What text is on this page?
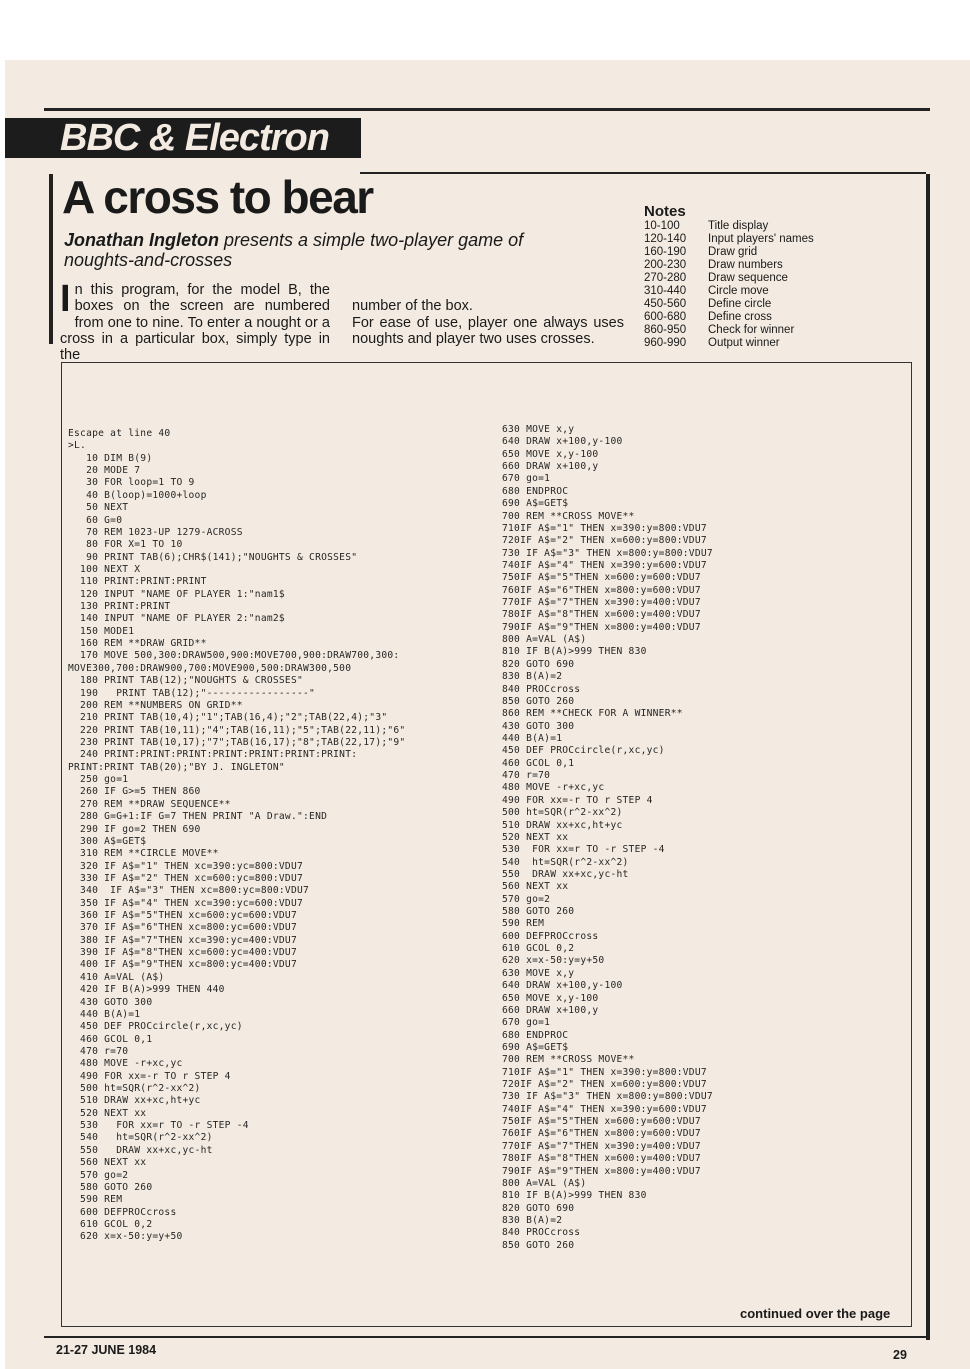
BBC & Electron
A cross to bear
Jonathan Ingleton presents a simple two-player game of noughts-and-crosses
In this program, for the model B, the boxes on the screen are numbered from one to nine. To enter a nought or a cross in a particular box, simply type in the

number of the box.
For ease of use, player one always uses noughts and player two uses crosses.

Notes
10-100 Title display
120-140 Input players' names
160-190 Draw grid
200-230 Draw numbers
270-280 Draw sequence
310-440 Circle move
450-560 Define circle
600-680 Define cross
860-950 Check for winner
960-990 Output winner
Escape at line 40
>L.
10 DIM B(9)
20 MODE 7
30 FOR loop=1 TO 9
40 B(loop)=1000+loop
50 NEXT
60 G=0
70 REM 1023-UP 1279-ACROSS
80 FOR X=1 TO 10
90 PRINT TAB(6);CHR$(141);"NOUGHTS & CROSSES"
100 NEXT X
110 PRINT:PRINT:PRINT
120 INPUT "NAME OF PLAYER 1:"nam1$
130 PRINT:PRINT
140 INPUT "NAME OF PLAYER 2:"nam2$
150 MODE1
160 REM **DRAW GRID**
170 MOVE 500,300:DRAW500,900:MOVE700,900:DRAW700,300:
MOVE300,700:DRAW900,700:MOVE900,500:DRAW300,500
180 PRINT TAB(12);"NOUGHTS & CROSSES"
190   PRINT TAB(12);"-----------------"
200 REM **NUMBERS ON GRID**
210 PRINT TAB(10,4);"1";TAB(16,4);"2";TAB(22,4);"3"
220 PRINT TAB(10,11);"4";TAB(16,11);"5";TAB(22,11);"6"
230 PRINT TAB(10,17);"7";TAB(16,17);"8";TAB(22,17);"9"
240 PRINT:PRINT:PRINT:PRINT:PRINT:PRINT:PRINT:
PRINT:PRINT TAB(20);"BY J. INGLETON"
250 go=1
260 IF G>=5 THEN 860
270 REM **DRAW SEQUENCE**
280 G=G+1:IF G=7 THEN PRINT "A Draw.":END
290 IF go=2 THEN 690
300 A$=GET$
310 REM **CIRCLE MOVE**
320 IF A$="1" THEN xc=390:yc=800:VDU7
330 IF A$="2" THEN xc=600:yc=800:VDU7
340  IF A$="3" THEN xc=800:yc=800:VDU7
350 IF A$="4" THEN xc=390:yc=600:VDU7
360 IF A$="5"THEN xc=600:yc=600:VDU7
370 IF A$="6"THEN xc=800:yc=600:VDU7
380 IF A$="7"THEN xc=390:yc=400:VDU7
390 IF A$="8"THEN xc=600:yc=400:VDU7
400 IF A$="9"THEN xc=800:yc=400:VDU7
410 A=VAL (A$)
420 IF B(A)>999 THEN 440
430 GOTO 300
440 B(A)=1
450 DEF PROCcircle(r,xc,yc)
460 GCOL 0,1
470 r=70
480 MOVE -r+xc,yc
490 FOR xx=-r TO r STEP 4
500 ht=SQR(r^2-xx^2)
510 DRAW xx+xc,ht+yc
520 NEXT xx
530   FOR xx=r TO -r STEP -4
540   ht=SQR(r^2-xx^2)
550   DRAW xx+xc,yc-ht
560 NEXT xx
570 go=2
580 GOTO 260
590 REM
600 DEFPROCcross
610 GCOL 0,2
620 x=x-50:y=y+50
630 MOVE x,y
640 DRAW x+100,y-100
650 MOVE x,y-100
660 DRAW x+100,y
670 go=1
680 ENDPROC
690 A$=GET$
700 REM **CROSS MOVE**
710IF A$="1" THEN x=390:y=800:VDU7
720IF A$="2" THEN x=600:y=800:VDU7
730 IF A$="3" THEN x=800:y=800:VDU7
740IF A$="4" THEN x=390:y=600:VDU7
750IF A$="5"THEN x=600:y=600:VDU7
760IF A$="6"THEN x=800:y=600:VDU7
770IF A$="7"THEN x=390:y=400:VDU7
780IF A$="8"THEN x=600:y=400:VDU7
790IF A$="9"THEN x=800:y=400:VDU7
800 A=VAL (A$)
810 IF B(A)>999 THEN 830
820 GOTO 690
830 B(A)=2
840 PROCcross
850 GOTO 260
860 REM **CHECK FOR A WINNER**
430 GOTO 300
440 B(A)=1
450 DEF PROCcircle(r,xc,yc)
460 GCOL 0,1
470 r=70
480 MOVE -r+xc,yc
490 FOR xx=-r TO r STEP 4
500 ht=SQR(r^2-xx^2)
510 DRAW xx+xc,ht+yc
520 NEXT xx
530  FOR xx=r TO -r STEP -4
540  ht=SQR(r^2-xx^2)
550  DRAW xx+xc,yc-ht
560 NEXT xx
570 go=2
580 GOTO 260
590 REM
600 DEFPROCcross
610 GCOL 0,2
620 x=x-50:y=y+50
630 MOVE x,y
640 DRAW x+100,y-100
650 MOVE x,y-100
660 DRAW x+100,y
670 go=1
680 ENDPROC
690 A$=GET$
700 REM **CROSS MOVE**
710IF A$="1" THEN x=390:y=800:VDU7
720IF A$="2" THEN x=600:y=800:VDU7
730 IF A$="3" THEN x=800:y=800:VDU7
740IF A$="4" THEN x=390:y=600:VDU7
750IF A$="5"THEN x=600:y=600:VDU7
760IF A$="6"THEN x=800:y=600:VDU7
770IF A$="7"THEN x=390:y=400:VDU7
780IF A$="8"THEN x=600:y=400:VDU7
790IF A$="9"THEN x=800:y=400:VDU7
800 A=VAL (A$)
810 IF B(A)>999 THEN 830
820 GOTO 690
830 B(A)=2
840 PROCcross
850 GOTO 260
continued over the page
21-27 JUNE 1984	29
